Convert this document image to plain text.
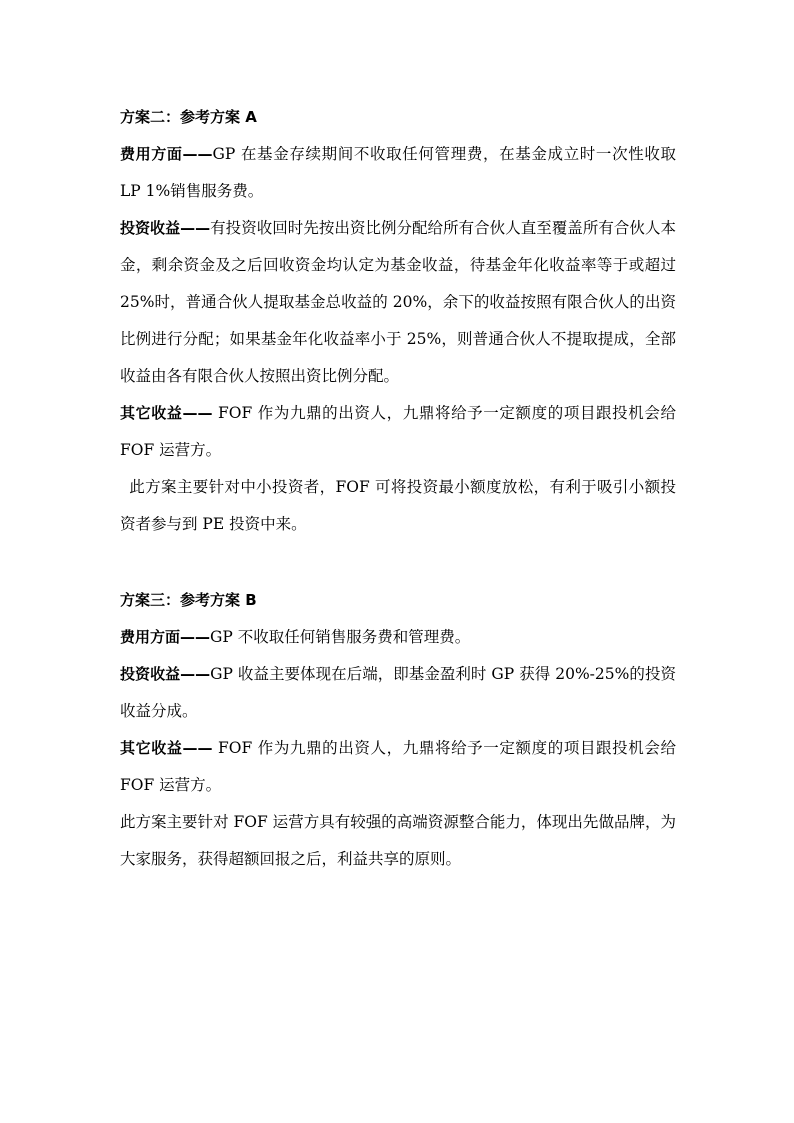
方案二：参考方案 A

费用方面——GP 在基金存续期间不收取任何管理费，在基金成立时一次性收取 LP 1%销售服务费。

投资收益——有投资收回时先按出资比例分配给所有合伙人直至覆盖所有合伙人本金，剩余资金及之后回收资金均认定为基金收益，待基金年化收益率等于或超过 25%时，普通合伙人提取基金总收益的 20%，余下的收益按照有限合伙人的出资比例进行分配；如果基金年化收益率小于 25%，则普通合伙人不提取提成，全部收益由各有限合伙人按照出资比例分配。

其它收益—— FOF 作为九鼎的出资人，九鼎将给予一定额度的项目跟投机会给 FOF 运营方。

此方案主要针对中小投资者，FOF 可将投资最小额度放松，有利于吸引小额投资者参与到 PE 投资中来。

方案三：参考方案 B

费用方面——GP 不收取任何销售服务费和管理费。

投资收益——GP 收益主要体现在后端，即基金盈利时 GP 获得 20%-25%的投资收益分成。

其它收益—— FOF 作为九鼎的出资人，九鼎将给予一定额度的项目跟投机会给 FOF 运营方。

此方案主要针对 FOF 运营方具有较强的高端资源整合能力，体现出先做品牌，为大家服务，获得超额回报之后，利益共享的原则。
